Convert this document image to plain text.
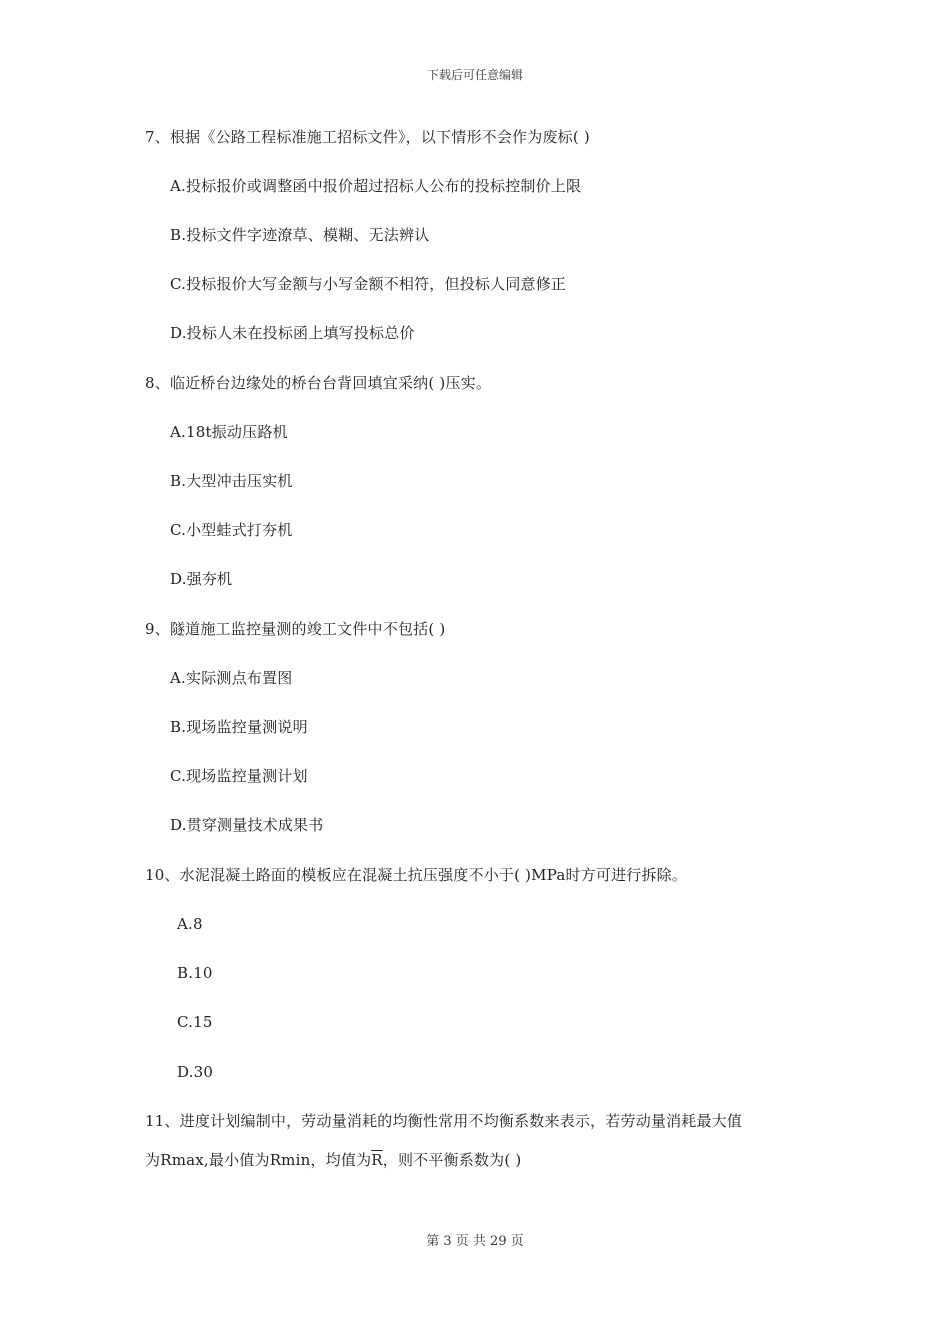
下载后可任意编辑
7、根据《公路工程标准施工招标文件》，以下情形不会作为废标( )
A.投标报价或调整函中报价超过招标人公布的投标控制价上限
B.投标文件字迹潦草、模糊、无法辨认
C.投标报价大写金额与小写金额不相符，但投标人同意修正
D.投标人未在投标函上填写投标总价
8、临近桥台边缘处的桥台台背回填宜采纳( )压实。
A.18t振动压路机
B.大型冲击压实机
C.小型蛙式打夯机
D.强夯机
9、隧道施工监控量测的竣工文件中不包括( )
A.实际测点布置图
B.现场监控量测说明
C.现场监控量测计划
D.贯穿测量技术成果书
10、水泥混凝土路面的模板应在混凝土抗压强度不小于( )MPa时方可进行拆除。
A.8
B.10
C.15
D.30
11、进度计划编制中，劳动量消耗的均衡性常用不均衡系数来表示，若劳动量消耗最大值
为Rmax,最小值为Rmin，均值为$\overline{R}$，则不平衡系数为( )
第 3 页 共 29 页
